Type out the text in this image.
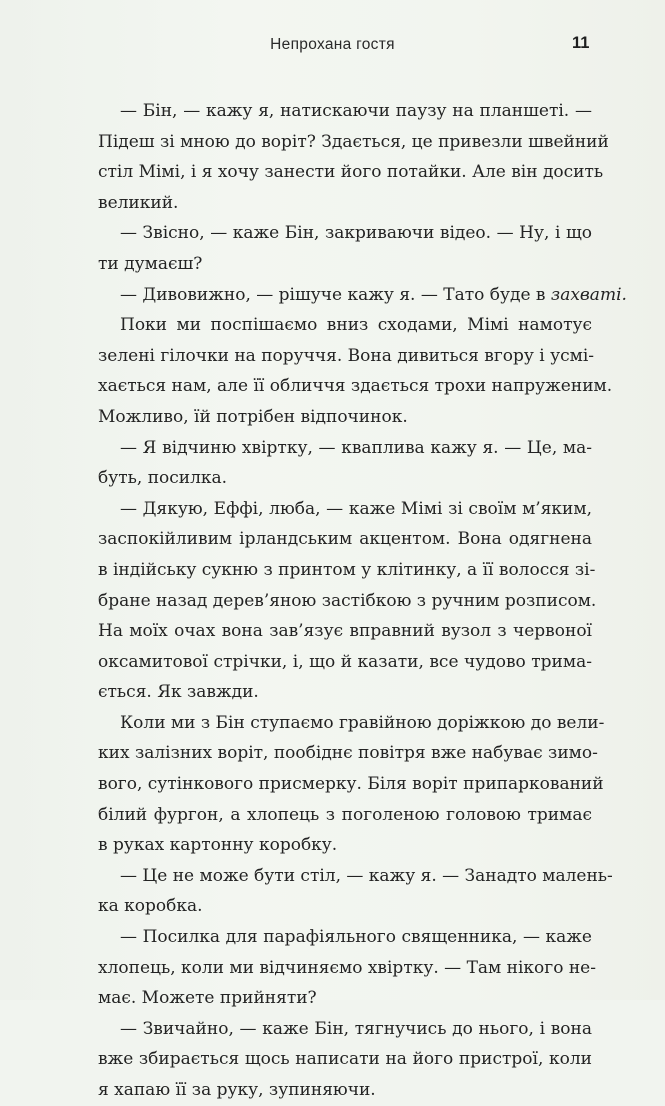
Непрохана гостя	11
— Бін, — кажу я, натискаючи паузу на планшеті. —
Підеш зі мною до воріт? Здається, це привезли швейний
стіл Мімі, і я хочу занести його потайки. Але він досить
великий.
— Звісно, — каже Бін, закриваючи відео. — Ну, і що
ти думаєш?
— Дивовижно, — рішуче кажу я. — Тато буде в захваті.
Поки ми поспішаємо вниз сходами, Мімі намотує
зелені гілочки на поруччя. Вона дивиться вгору і усмі-
хається нам, але її обличчя здається трохи напруженим.
Можливо, їй потрібен відпочинок.
— Я відчиню хвіртку, — кваплива кажу я. — Це, ма-
буть, посилка.
— Дякую, Еффі, люба, — каже Мімі зі своїм м’яким,
заспокійливим ірландським акцентом. Вона одягнена
в індійську сукню з принтом у клітинку, а її волосся зі-
бране назад дерев’яною застібкою з ручним розписом.
На моїх очах вона зав’язує вправний вузол з червоної
оксамитової стрічки, і, що й казати, все чудово трима-
ється. Як завжди.
Коли ми з Бін ступаємо гравійною доріжкою до вели-
ких залізних воріт, пообіднє повітря вже набуває зимо-
вого, сутінкового присмерку. Біля воріт припаркований
білий фургон, а хлопець з поголеною головою тримає
в руках картонну коробку.
— Це не може бути стіл, — кажу я. — Занадто малень-
ка коробка.
— Посилка для парафіяльного священника, — каже
хлопець, коли ми відчиняємо хвіртку. — Там нікого не-
має. Можете прийняти?
— Звичайно, — каже Бін, тягнучись до нього, і вона
вже збирається щось написати на його пристрої, коли
я хапаю її за руку, зупиняючи.
